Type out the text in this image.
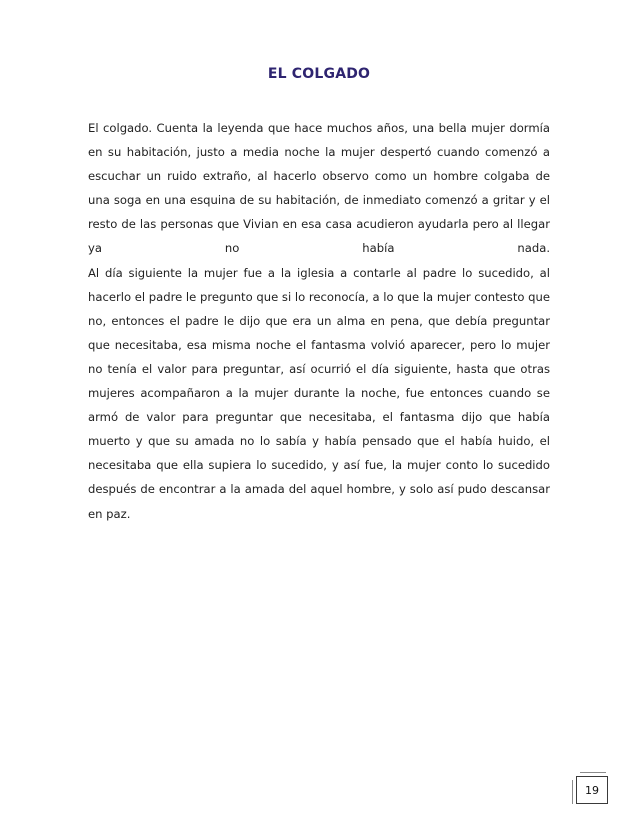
EL COLGADO

El colgado. Cuenta la leyenda que hace muchos años, una bella mujer dormía en su habitación, justo a media noche la mujer despertó cuando comenzó a escuchar un ruido extraño, al hacerlo observo como un hombre colgaba de una soga en una esquina de su habitación, de inmediato comenzó a gritar y el resto de las personas que Vivian en esa casa acudieron ayudarla pero al llegar ya no había nada.

Al día siguiente la mujer fue a la iglesia a contarle al padre lo sucedido, al hacerlo el padre le pregunto que si lo reconocía, a lo que la mujer contesto que no, entonces el padre le dijo que era un alma en pena, que debía preguntar que necesitaba, esa misma noche el fantasma volvió aparecer, pero lo mujer no tenía el valor para preguntar, así ocurrió el día siguiente, hasta que otras mujeres acompañaron a la mujer durante la noche, fue entonces cuando se armó de valor para preguntar que necesitaba, el fantasma dijo que había muerto y que su amada no lo sabía y había pensado que el había huido, el necesitaba que ella supiera lo sucedido, y así fue, la mujer conto lo sucedido después de encontrar a la amada del aquel hombre, y solo así pudo descansar en paz.

19
